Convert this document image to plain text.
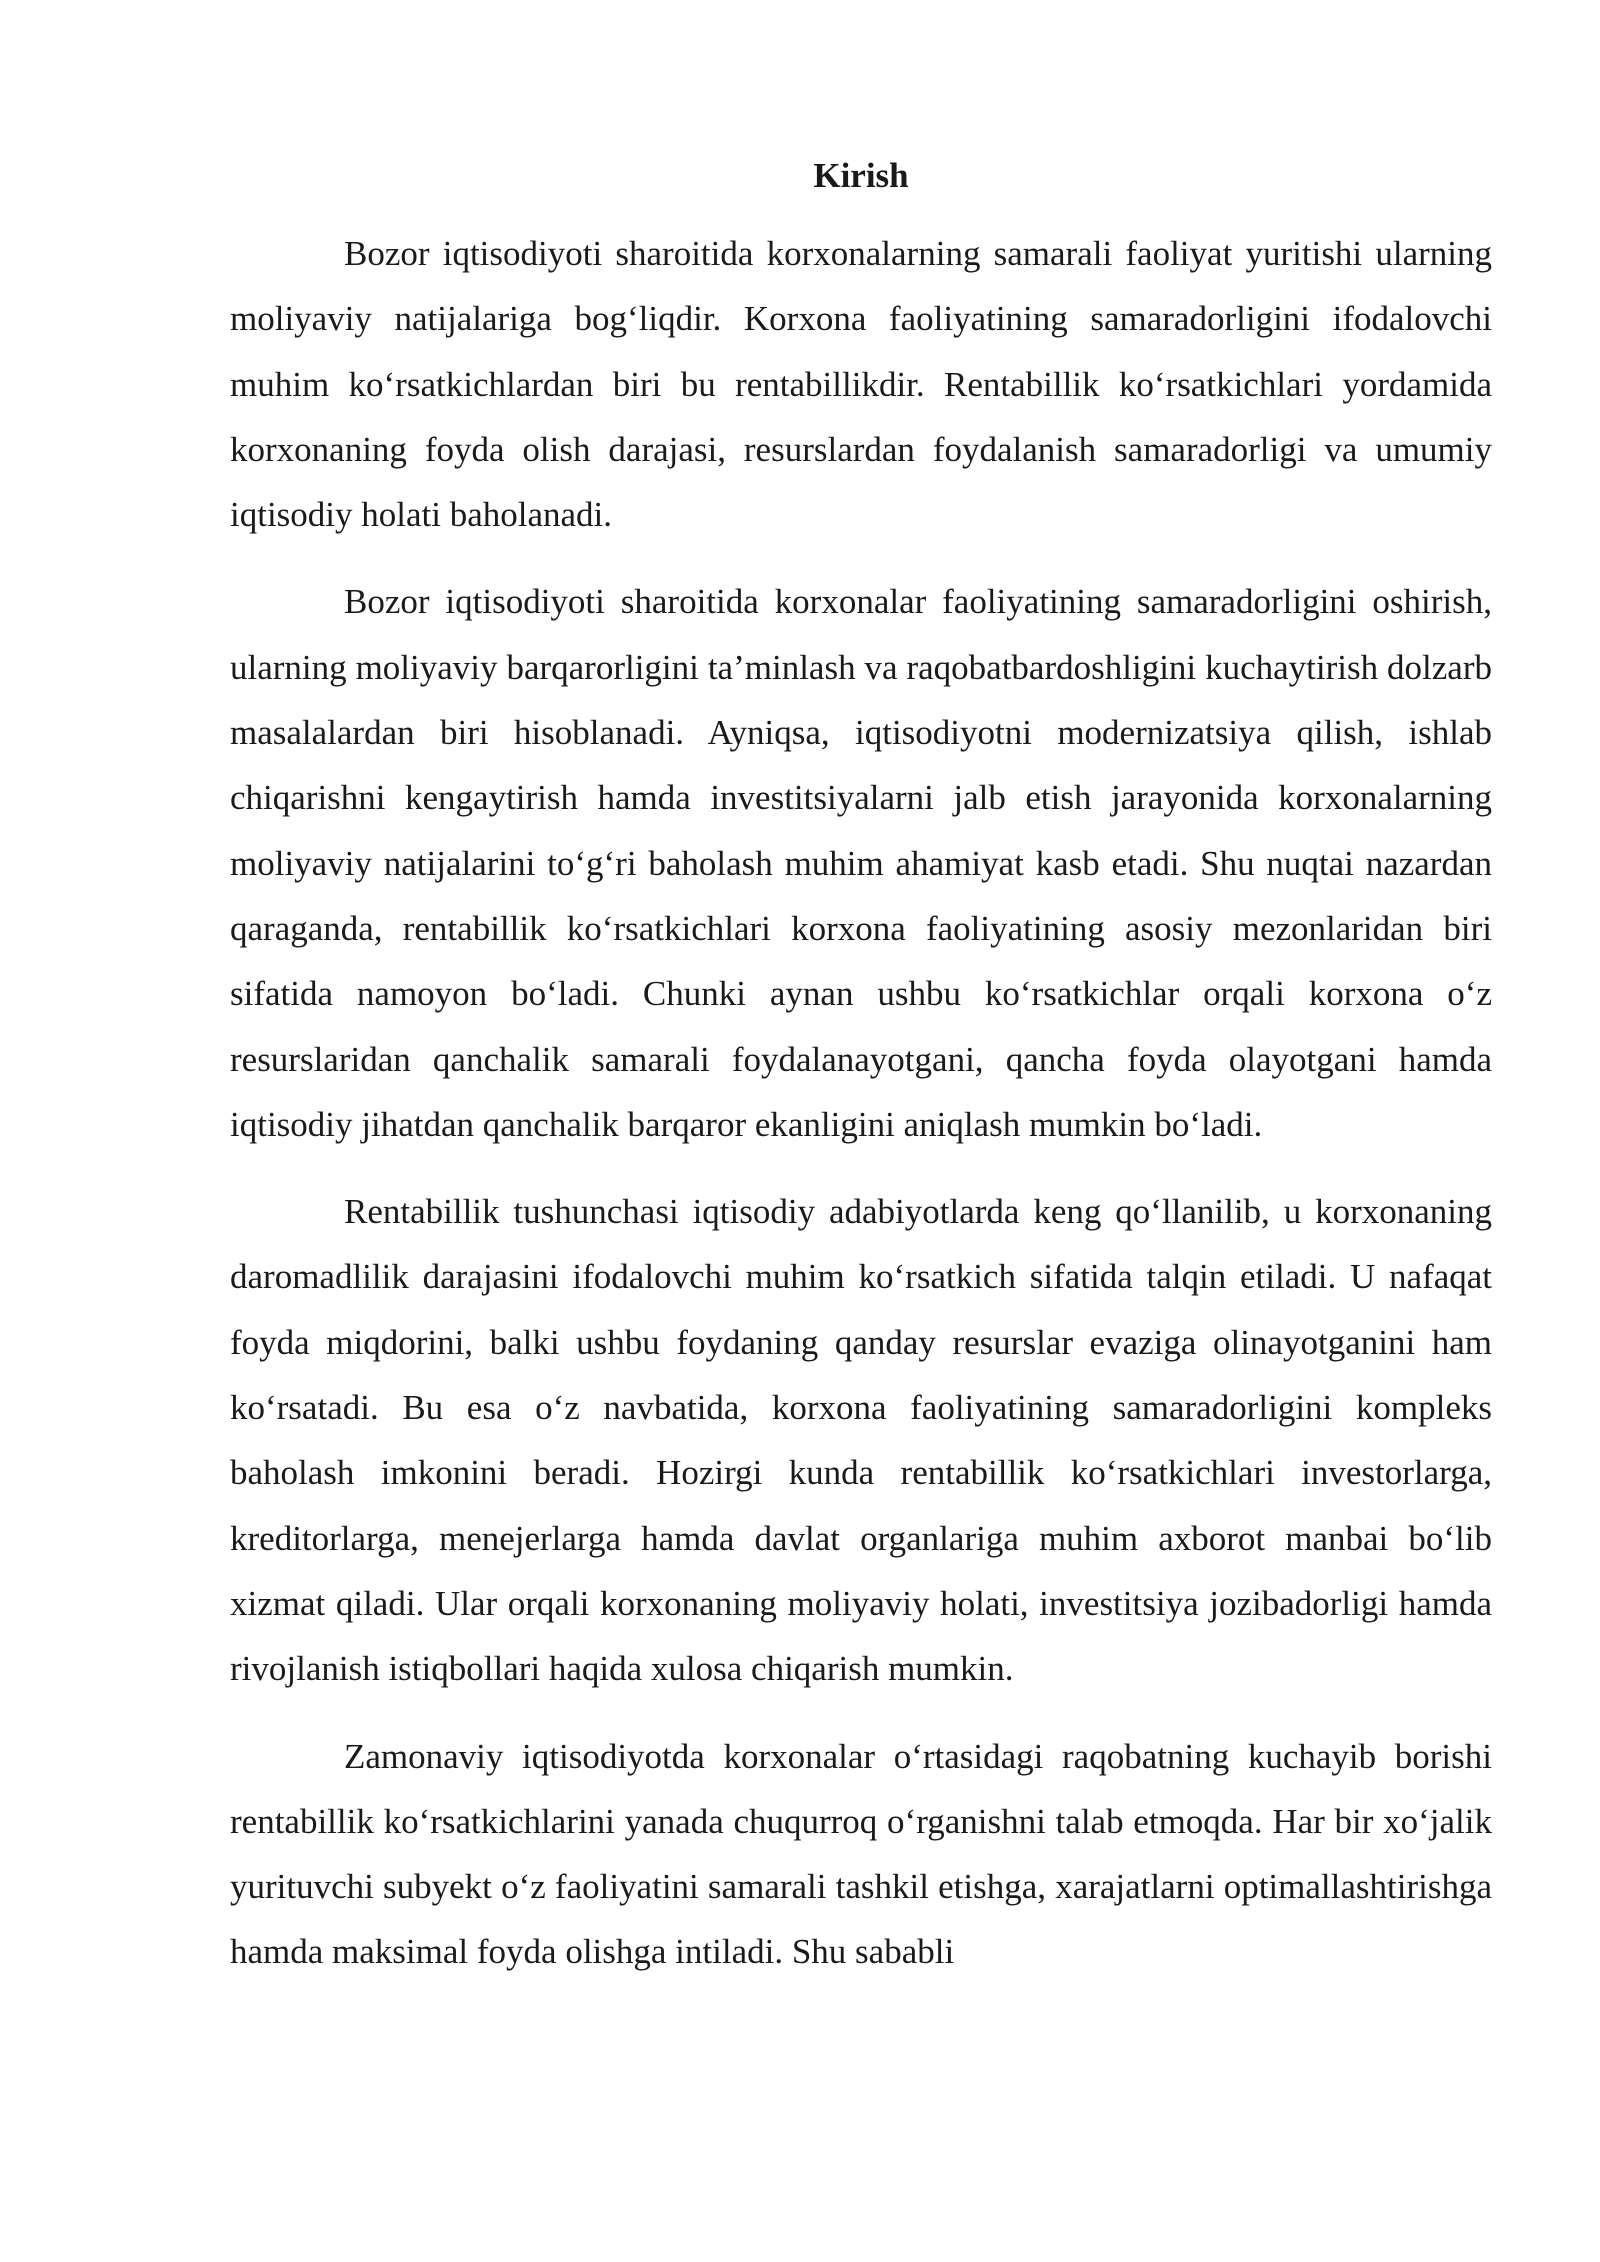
Kirish

Bozor iqtisodiyoti sharoitida korxonalarning samarali faoliyat yuritishi ularning moliyaviy natijalariga bog‘liqdir. Korxona faoliyatining samaradorligini ifodalovchi muhim ko‘rsatkichlardan biri bu rentabillikdir. Rentabillik ko‘rsatkichlari yordamida korxonaning foyda olish darajasi, resurslardan foydalanish samaradorligi va umumiy iqtisodiy holati baholanadi.

Bozor iqtisodiyoti sharoitida korxonalar faoliyatining samaradorligini oshirish, ularning moliyaviy barqarorligini ta’minlash va raqobatbardoshligini kuchaytirish dolzarb masalalardan biri hisoblanadi. Ayniqsa, iqtisodiyotni modernizatsiya qilish, ishlab chiqarishni kengaytirish hamda investitsiyalarni jalb etish jarayonida korxonalarning moliyaviy natijalarini to‘g‘ri baholash muhim ahamiyat kasb etadi. Shu nuqtai nazardan qaraganda, rentabillik ko‘rsatkichlari korxona faoliyatining asosiy mezonlaridan biri sifatida namoyon bo‘ladi. Chunki aynan ushbu ko‘rsatkichlar orqali korxona o‘z resurslaridan qanchalik samarali foydalanayotgani, qancha foyda olayotgani hamda iqtisodiy jihatdan qanchalik barqaror ekanligini aniqlash mumkin bo‘ladi.

Rentabillik tushunchasi iqtisodiy adabiyotlarda keng qo‘llanilib, u korxonaning daromadlilik darajasini ifodalovchi muhim ko‘rsatkich sifatida talqin etiladi. U nafaqat foyda miqdorini, balki ushbu foydaning qanday resurslar evaziga olinayotganini ham ko‘rsatadi. Bu esa o‘z navbatida, korxona faoliyatining samaradorligini kompleks baholash imkonini beradi. Hozirgi kunda rentabillik ko‘rsatkichlari investorlarga, kreditorlarga, menejerlarga hamda davlat organlariga muhim axborot manbai bo‘lib xizmat qiladi. Ular orqali korxonaning moliyaviy holati, investitsiya jozibadorligi hamda rivojlanish istiqbollari haqida xulosa chiqarish mumkin.

Zamonaviy iqtisodiyotda korxonalar o‘rtasidagi raqobatning kuchayib borishi rentabillik ko‘rsatkichlarini yanada chuqurroq o‘rganishni talab etmoqda. Har bir xo‘jalik yurituvchi subyekt o‘z faoliyatini samarali tashkil etishga, xarajatlarni optimallashtirishga hamda maksimal foyda olishga intiladi. Shu sababli
